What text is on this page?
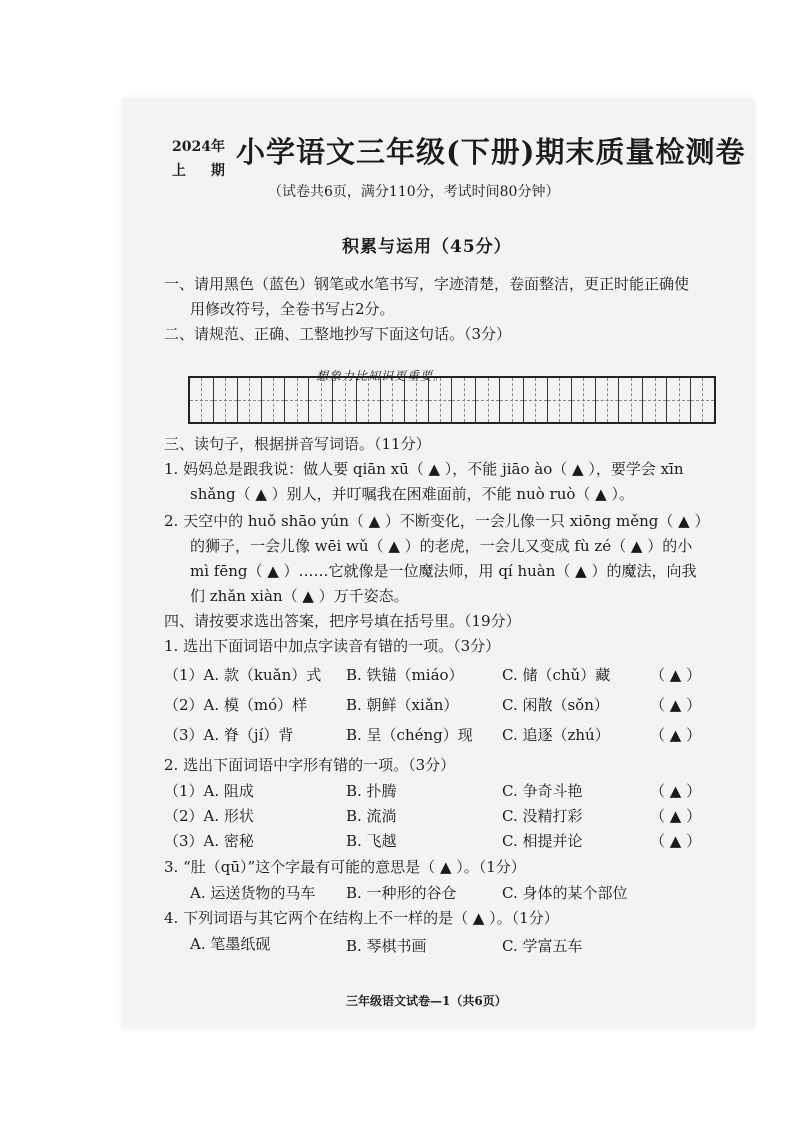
2024年
上 期
小学语文三年级(下册)期末质量检测卷
（试卷共6页，满分110分，考试时间80分钟）
积累与运用（45分）
一、请用黑色（蓝色）钢笔或水笔书写，字迹清楚，卷面整洁，更正时能正确使
用修改符号，全卷书写占2分。
二、请规范、正确、工整地抄写下面这句话。（3分）
想象力比知识更重要。
三、读句子，根据拼音写词语。（11分）
1. 妈妈总是跟我说：做人要 qiān xū（ ▲ ），不能 jiāo ào（ ▲ ），要学会 xīn
shǎng（ ▲ ）别人，并叮嘱我在困难面前，不能 nuò ruò（ ▲ ）。
2. 天空中的 huǒ shāo yún（ ▲ ）不断变化，一会儿像一只 xiōng měng（ ▲ ）
的狮子，一会儿像 wēi wǔ（ ▲ ）的老虎，一会儿又变成 fù zé（ ▲ ）的小
mì fēng（ ▲ ）……它就像是一位魔法师，用 qí huàn（ ▲ ）的魔法，向我
们 zhǎn xiàn（ ▲ ）万千姿态。
四、请按要求选出答案，把序号填在括号里。（19分）
1. 选出下面词语中加点字读音有错的一项。（3分）
（1）A. 款（kuǎn）式 B. 铁锚（miáo）	C. 储（chǔ）藏	（ ▲ ）
（2）A. 模（mó）样	B. 朝鲜（xiǎn）	C. 闲散（sǒn）	（ ▲ ）
（3）A. 脊（jí）背	B. 呈（chéng）现 C. 追逐（zhú）	（ ▲ ）
2. 选出下面词语中字形有错的一项。（3分）
（1）A. 阻成	B. 扑腾	C. 争奇斗艳	（ ▲ ）
（2）A. 形状	B. 流淌	C. 没精打彩	（ ▲ ）
（3）A. 密秘	B. 飞越	C. 相提并论	（ ▲ ）
3. “肚（qū）”这个字最有可能的意思是（ ▲ ）。（1分）
A. 运送货物的马车 B. 一种形的谷仓	C. 身体的某个部位
4. 下列词语与其它两个在结构上不一样的是（ ▲ ）。（1分）
A. 笔墨纸砚	B. 琴棋书画	C. 学富五车
三年级语文试卷—1（共6页）
